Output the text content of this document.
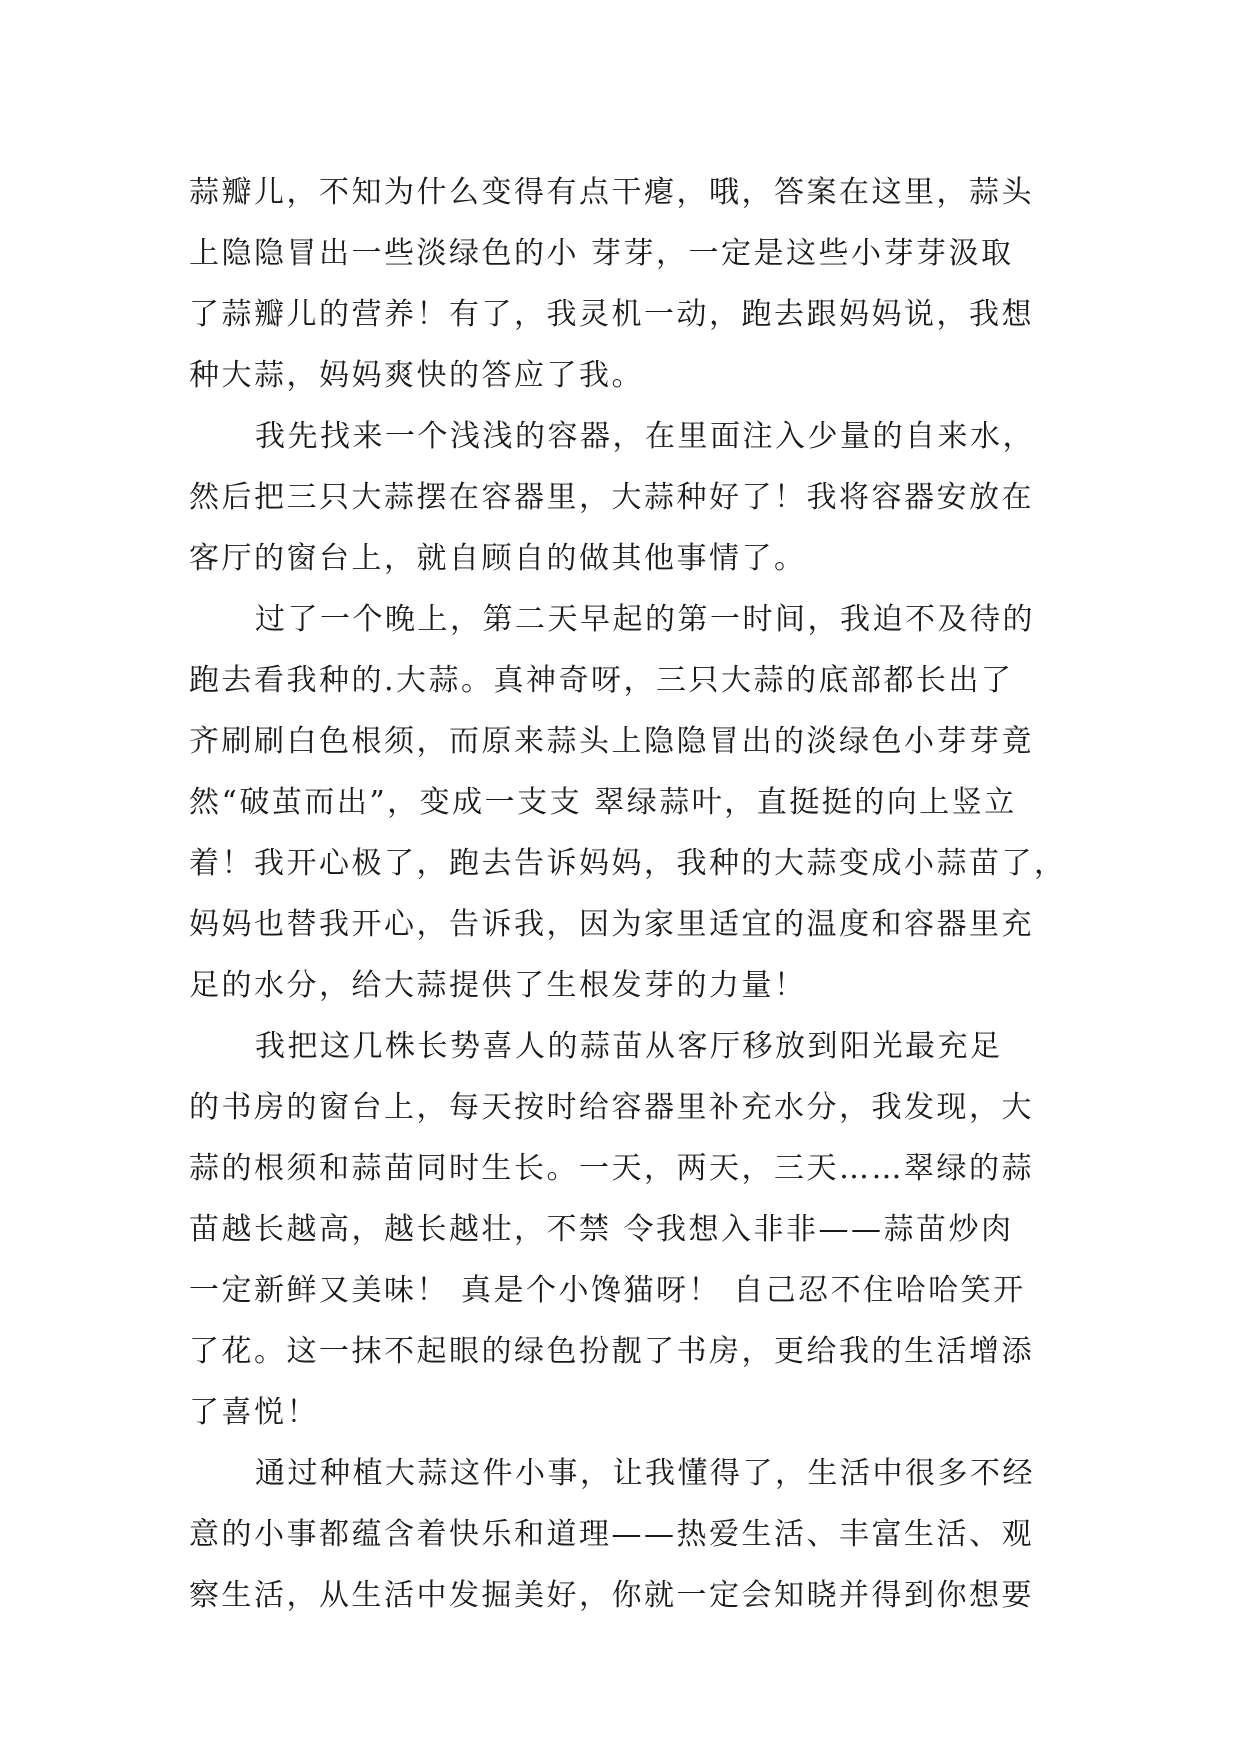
蒜瓣儿，不知为什么变得有点干瘪，哦，答案在这里，蒜头
上隐隐冒出一些淡绿色的小 芽芽，一定是这些小芽芽汲取
了蒜瓣儿的营养！有了，我灵机一动，跑去跟妈妈说，我想
种大蒜，妈妈爽快的答应了我。
我先找来一个浅浅的容器，在里面注入少量的自来水，
然后把三只大蒜摆在容器里，大蒜种好了！我将容器安放在
客厅的窗台上，就自顾自的做其他事情了。
过了一个晚上，第二天早起的第一时间，我迫不及待的
跑去看我种的.大蒜。真神奇呀，三只大蒜的底部都长出了
齐刷刷白色根须，而原来蒜头上隐隐冒出的淡绿色小芽芽竟
然“破茧而出”，变成一支支 翠绿蒜叶，直挺挺的向上竖立
着！我开心极了，跑去告诉妈妈，我种的大蒜变成小蒜苗了，
妈妈也替我开心，告诉我，因为家里适宜的温度和容器里充
足的水分，给大蒜提供了生根发芽的力量！
我把这几株长势喜人的蒜苗从客厅移放到阳光最充足
的书房的窗台上，每天按时给容器里补充水分，我发现，大
蒜的根须和蒜苗同时生长。一天，两天，三天……翠绿的蒜
苗越长越高，越长越壮，不禁 令我想入非非——蒜苗炒肉
一定新鲜又美味！ 真是个小馋猫呀！ 自己忍不住哈哈笑开
了花。这一抹不起眼的绿色扮靓了书房，更给我的生活增添
了喜悦！
通过种植大蒜这件小事，让我懂得了，生活中很多不经
意的小事都蕴含着快乐和道理——热爱生活、丰富生活、观
察生活，从生活中发掘美好，你就一定会知晓并得到你想要
